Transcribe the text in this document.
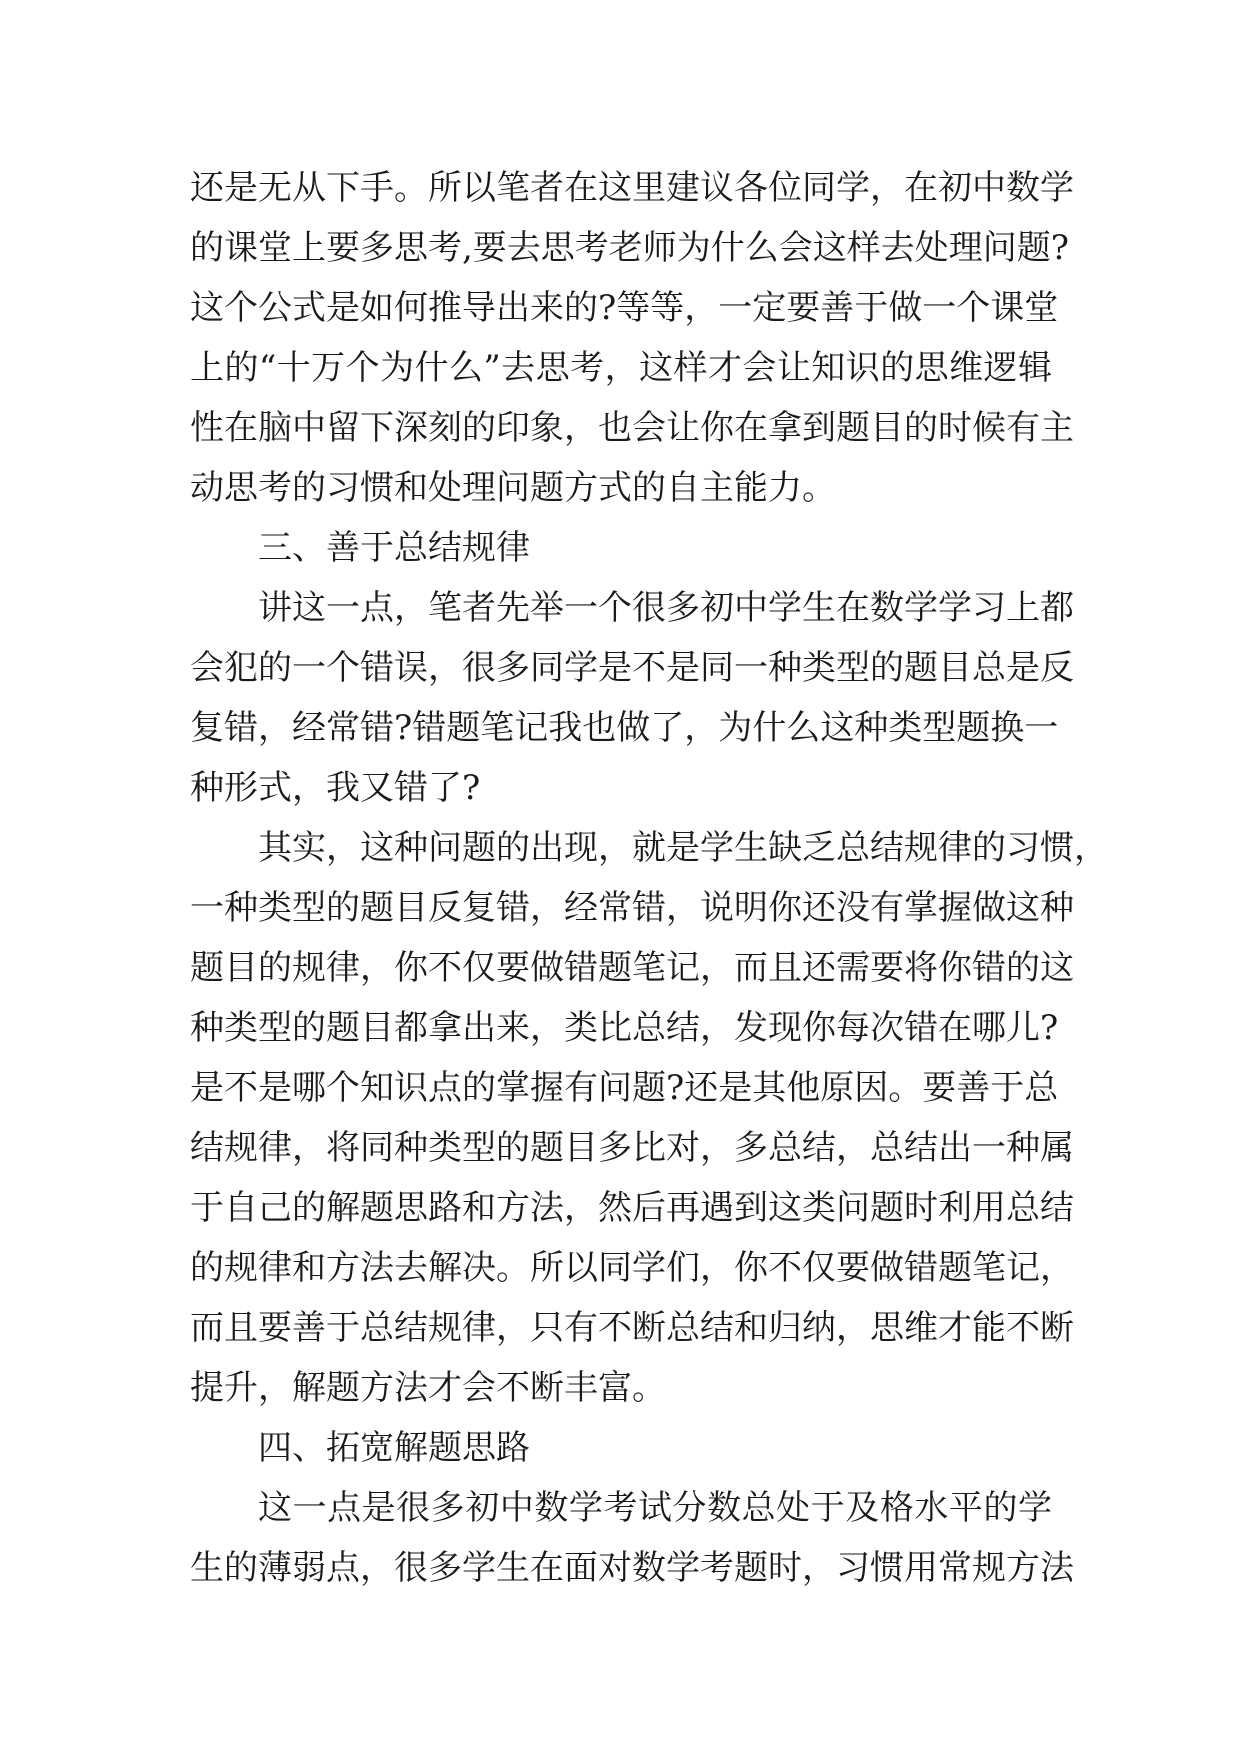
还是无从下手。所以笔者在这里建议各位同学，在初中数学
的课堂上要多思考,要去思考老师为什么会这样去处理问题?
这个公式是如何推导出来的?等等，一定要善于做一个课堂
上的“十万个为什么”去思考，这样才会让知识的思维逻辑
性在脑中留下深刻的印象，也会让你在拿到题目的时候有主
动思考的习惯和处理问题方式的自主能力。
三、善于总结规律
讲这一点，笔者先举一个很多初中学生在数学学习上都
会犯的一个错误，很多同学是不是同一种类型的题目总是反
复错，经常错?错题笔记我也做了，为什么这种类型题换一
种形式，我又错了?
其实，这种问题的出现，就是学生缺乏总结规律的习惯，
一种类型的题目反复错，经常错，说明你还没有掌握做这种
题目的规律，你不仅要做错题笔记，而且还需要将你错的这
种类型的题目都拿出来，类比总结，发现你每次错在哪儿?
是不是哪个知识点的掌握有问题?还是其他原因。要善于总
结规律，将同种类型的题目多比对，多总结，总结出一种属
于自己的解题思路和方法，然后再遇到这类问题时利用总结
的规律和方法去解决。所以同学们，你不仅要做错题笔记，
而且要善于总结规律，只有不断总结和归纳，思维才能不断
提升，解题方法才会不断丰富。
四、拓宽解题思路
这一点是很多初中数学考试分数总处于及格水平的学
生的薄弱点，很多学生在面对数学考题时，习惯用常规方法
